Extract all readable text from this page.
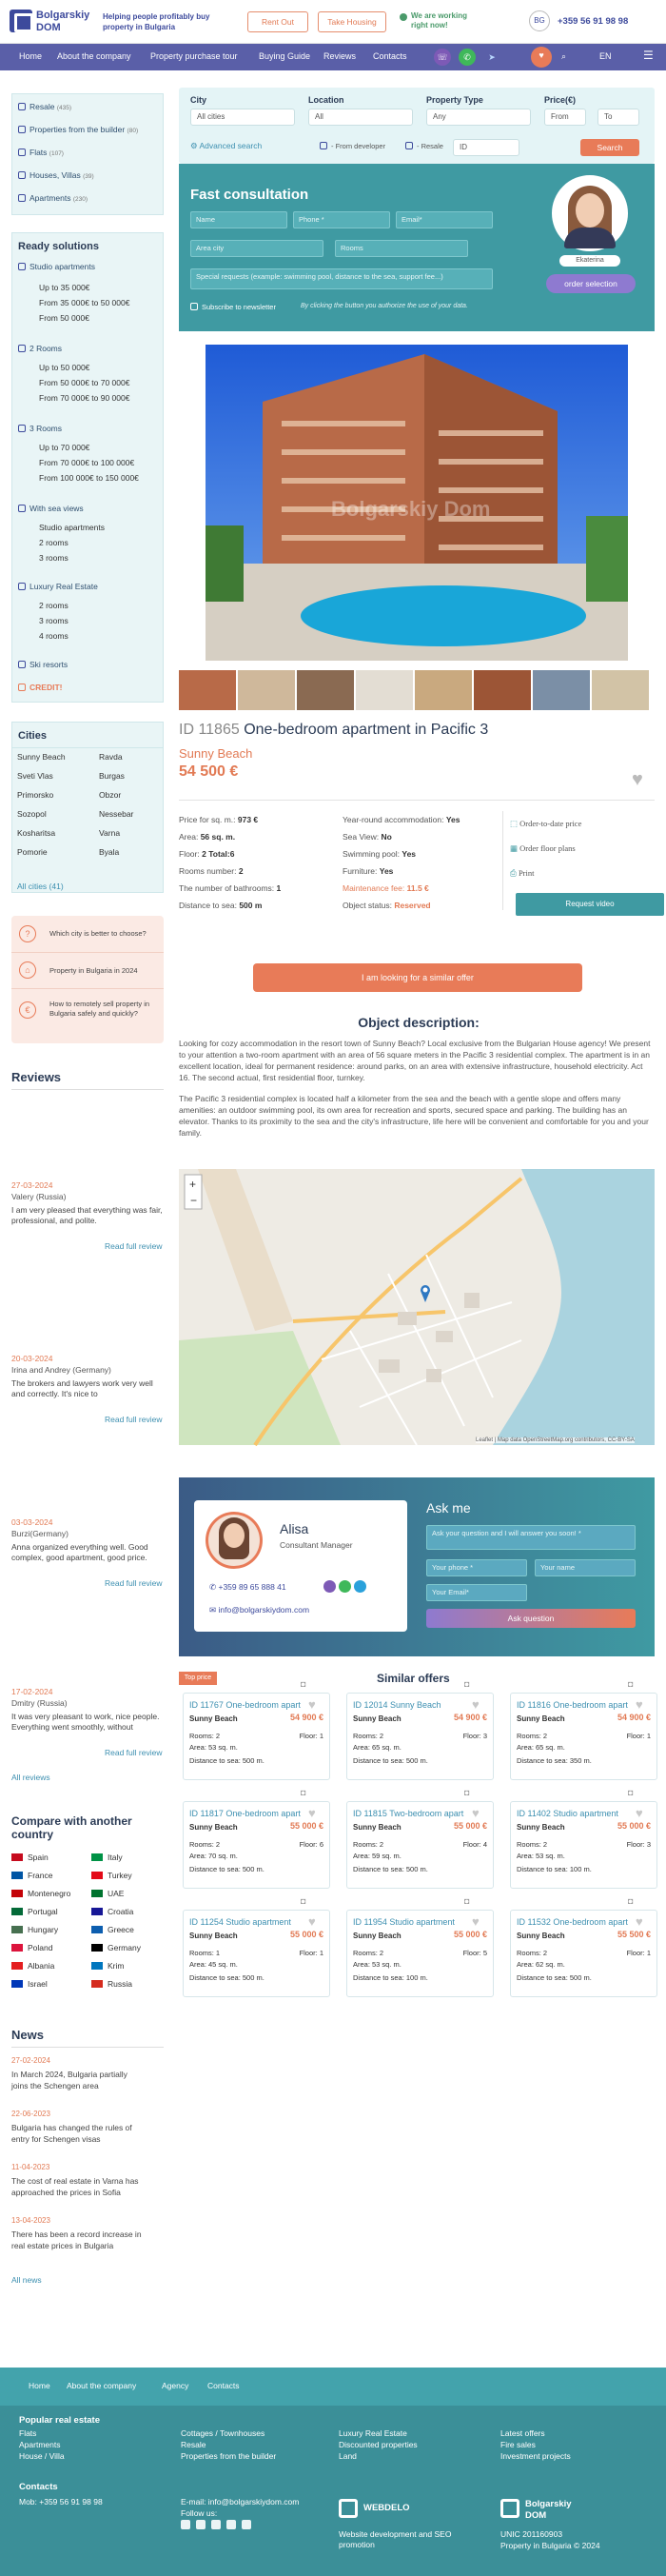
Bolgarskiy
DOM
Helping people profitably buy property in Bulgaria
Rent Out	Take Housing
We are working right now!
BG	+359 56 91 98 98
Home About the company Property purchase tour Buying Guide Reviews Contacts	☏	✆	➤	♥	⌕	EN	☰
Resale (435)
Properties from the builder (80)
Flats (107)
Houses, Villas (39)
Apartments (230)
Ready solutions
Studio apartments
Up to 35 000€
From 35 000€ to 50 000€
From 50 000€
2 Rooms
Up to 50 000€
From 50 000€ to 70 000€
From 70 000€ to 90 000€
3 Rooms
Up to 70 000€
From 70 000€ to 100 000€
From 100 000€ to 150 000€
With sea views
Studio apartments
2 rooms
3 rooms
Luxury Real Estate
2 rooms
3 rooms
4 rooms
Ski resorts
CREDIT!
Cities
Sunny Beach	Ravda
Sveti Vlas	Burgas
Primorsko	Obzor
Sozopol	Nessebar
Kosharitsa	Varna
Pomorie	Byala
All cities (41)
?	Which city is better to choose?
⌂	Property in Bulgaria in 2024
€
How to remotely sell property in Bulgaria safely and quickly?
City
All cities
Location
All
Property Type
Any
Price(€)
From	To
⚙ Advanced search	- From developer	- Resale	ID	Search
Fast consultation
Name	Phone *	Email*
Area city	Rooms
Special requests (example: swimming pool, distance to the sea, support fee...)
Subscribe to newsletter	By clicking the button you authorize the use of your data.
Ekaterina
order selection
Bolgarskiy Dom
ID 11865 One-bedroom apartment in Pacific 3
Sunny Beach
54 500 €	♥
Price for sq. m.: 973 €
Area: 56 sq. m.
Floor: 2 Total:6
Rooms number: 2
The number of bathrooms: 1
Distance to sea: 500 m
Year-round accommodation: Yes
Sea View: No
Swimming pool: Yes
Furniture: Yes
Maintenance fee: 11.5 €
Object status: Reserved
⬚ Order-to-date price
▦ Order floor plans
⎙ Print
Request video
I am looking for a similar offer
Object description:
Looking for cozy accommodation in the resort town of Sunny Beach? Local exclusive from the Bulgarian House agency! We present to your attention a two-room apartment with an area of 56 square meters in the Pacific 3 residential complex. The apartment is in an excellent location, ideal for permanent residence: around parks, on an area with extensive infrastructure, household electricity. Act 16. The second actual, first residential floor, turnkey.
The Pacific 3 residential complex is located half a kilometer from the sea and the beach with a gentle slope and offers many amenities: an outdoor swimming pool, its own area for recreation and sports, secured space and parking. The building has an elevator. Thanks to its proximity to the sea and the city's infrastructure, life here will be convenient and comfortable for you and your family.
+
−
Leaflet | Map data OpenStreetMap.org contributors, CC-BY-SA
Reviews
27-03-2024
Valery (Russia)
I am very pleased that everything was fair, professional, and polite.
Read full review
20-03-2024
Irina and Andrey (Germany)
The brokers and lawyers work very well and correctly. It's nice to
Read full review
03-03-2024
Burzi(Germany)
Anna organized everything well. Good complex, good apartment, good price.
Read full review
17-02-2024
Dmitry (Russia)
It was very pleasant to work, nice people. Everything went smoothly, without
Read full review
All reviews
Alisa
Consultant Manager
✆ +359 89 65 888 41
✉ info@bolgarskiydom.com
Ask me
Ask your question and I will answer you soon! *
Your phone *	Your name
Your Email*
Ask question
Top price	Similar offers
ID 11767 One-bedroom apart ♥
Sunny Beach	54 900 €
Rooms: 2	Floor: 1
Area: 53 sq. m.
Distance to sea: 500 m.
◘
ID 12014 Sunny Beach	♥
Sunny Beach	54 900 €
Rooms: 2	Floor: 3
Area: 65 sq. m.
Distance to sea: 500 m.
◘
ID 11816 One-bedroom apart ♥
Sunny Beach	54 900 €
Rooms: 2	Floor: 1
Area: 65 sq. m.
Distance to sea: 350 m.
◘
ID 11817 One-bedroom apart ♥
Sunny Beach	55 000 €
Rooms: 2	Floor: 6
Area: 70 sq. m.
Distance to sea: 500 m.
◘
ID 11815 Two-bedroom apart ♥
Sunny Beach	55 000 €
Rooms: 2	Floor: 4
Area: 59 sq. m.
Distance to sea: 500 m.
◘
ID 11402 Studio apartment ♥
Sunny Beach	55 000 €
Rooms: 2	Floor: 3
Area: 53 sq. m.
Distance to sea: 100 m.
◘
ID 11254 Studio apartment ♥
Sunny Beach	55 000 €
Rooms: 1	Floor: 1
Area: 45 sq. m.
Distance to sea: 500 m.
◘
ID 11954 Studio apartment ♥
Sunny Beach	55 000 €
Rooms: 2	Floor: 5
Area: 53 sq. m.
Distance to sea: 100 m.
◘
ID 11532 One-bedroom apart ♥
Sunny Beach	55 500 €
Rooms: 2	Floor: 1
Area: 62 sq. m.
Distance to sea: 500 m.
◘
Compare with another country
Spain
France
Montenegro
Portugal
Hungary
Poland
Albania
Israel
Italy
Turkey
UAE
Croatia
Greece
Germany
Krim
Russia
News
27-02-2024
In March 2024, Bulgaria partially joins the Schengen area
22-06-2023
Bulgaria has changed the rules of entry for Schengen visas
11-04-2023
The cost of real estate in Varna has approached the prices in Sofia
13-04-2023
There has been a record increase in real estate prices in Bulgaria
All news
Home About the company	Agency Contacts
Popular real estate
Flats
Apartments
House / Villa
Cottages / Townhouses
Resale
Properties from the builder
Luxury Real Estate
Discounted properties
Land
Latest offers
Fire sales
Investment projects
Contacts
Mob: +359 56 91 98 98	E-mail: info@bolgarskiydom.com
Follow us:	WEBDELO
Website development and SEO promotion
Bolgarskiy
DOM
UNIC 201160903
Property in Bulgaria © 2024
